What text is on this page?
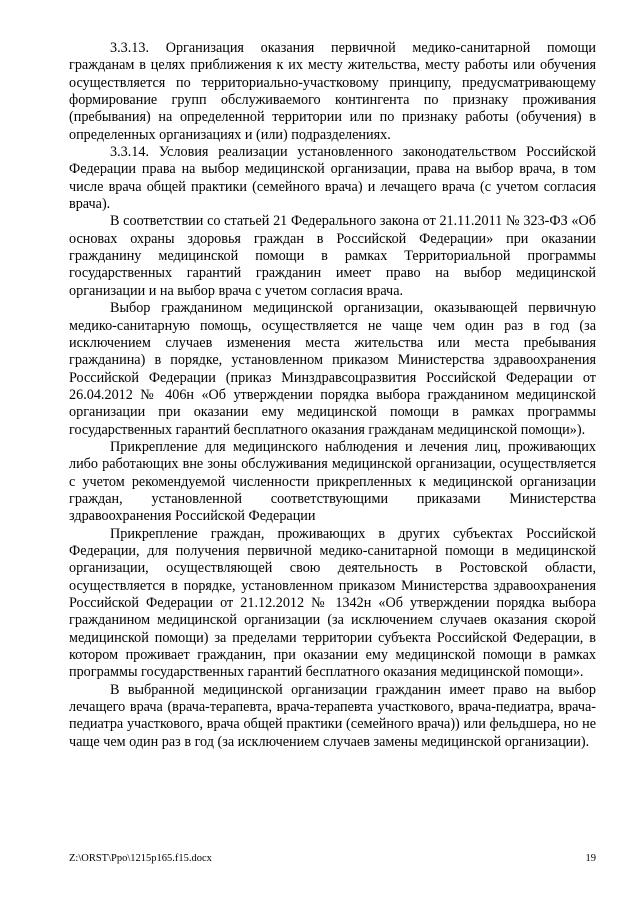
3.3.13. Организация оказания первичной медико-санитарной помощи гражданам в целях приближения к их месту жительства, месту работы или обучения осуществляется по территориально-участковому принципу, предусматривающему формирование групп обслуживаемого контингента по признаку проживания (пребывания) на определенной территории или по признаку работы (обучения) в определенных организациях и (или) подразделениях.

3.3.14. Условия реализации установленного законодательством Российской Федерации права на выбор медицинской организации, права на выбор врача, в том числе врача общей практики (семейного врача) и лечащего врача (с учетом согласия врача).

В соответствии со статьей 21 Федерального закона от 21.11.2011 № 323-ФЗ «Об основах охраны здоровья граждан в Российской Федерации» при оказании гражданину медицинской помощи в рамках Территориальной программы государственных гарантий гражданин имеет право на выбор медицинской организации и на выбор врача с учетом согласия врача.

Выбор гражданином медицинской организации, оказывающей первичную медико-санитарную помощь, осуществляется не чаще чем один раз в год (за исключением случаев изменения места жительства или места пребывания гражданина) в порядке, установленном приказом Министерства здравоохранения Российской Федерации (приказ Минздравсоцразвития Российской Федерации от 26.04.2012 № 406н «Об утверждении порядка выбора гражданином медицинской организации при оказании ему медицинской помощи в рамках программы государственных гарантий бесплатного оказания гражданам медицинской помощи»).

Прикрепление для медицинского наблюдения и лечения лиц, проживающих либо работающих вне зоны обслуживания медицинской организации, осуществляется с учетом рекомендуемой численности прикрепленных к медицинской организации граждан, установленной соответствующими приказами Министерства здравоохранения Российской Федерации

Прикрепление граждан, проживающих в других субъектах Российской Федерации, для получения первичной медико-санитарной помощи в медицинской организации, осуществляющей свою деятельность в Ростовской области, осуществляется в порядке, установленном приказом Министерства здравоохранения Российской Федерации от 21.12.2012 № 1342н «Об утверждении порядка выбора гражданином медицинской организации (за исключением случаев оказания скорой медицинской помощи) за пределами территории субъекта Российской Федерации, в котором проживает гражданин, при оказании ему медицинской помощи в рамках программы государственных гарантий бесплатного оказания медицинской помощи».

В выбранной медицинской организации гражданин имеет право на выбор лечащего врача (врача-терапевта, врача-терапевта участкового, врача-педиатра, врача-педиатра участкового, врача общей практики (семейного врача)) или фельдшера, но не чаще чем один раз в год (за исключением случаев замены медицинской организации).

Z:\ORST\Ppo\1215p165.f15.docx	19
